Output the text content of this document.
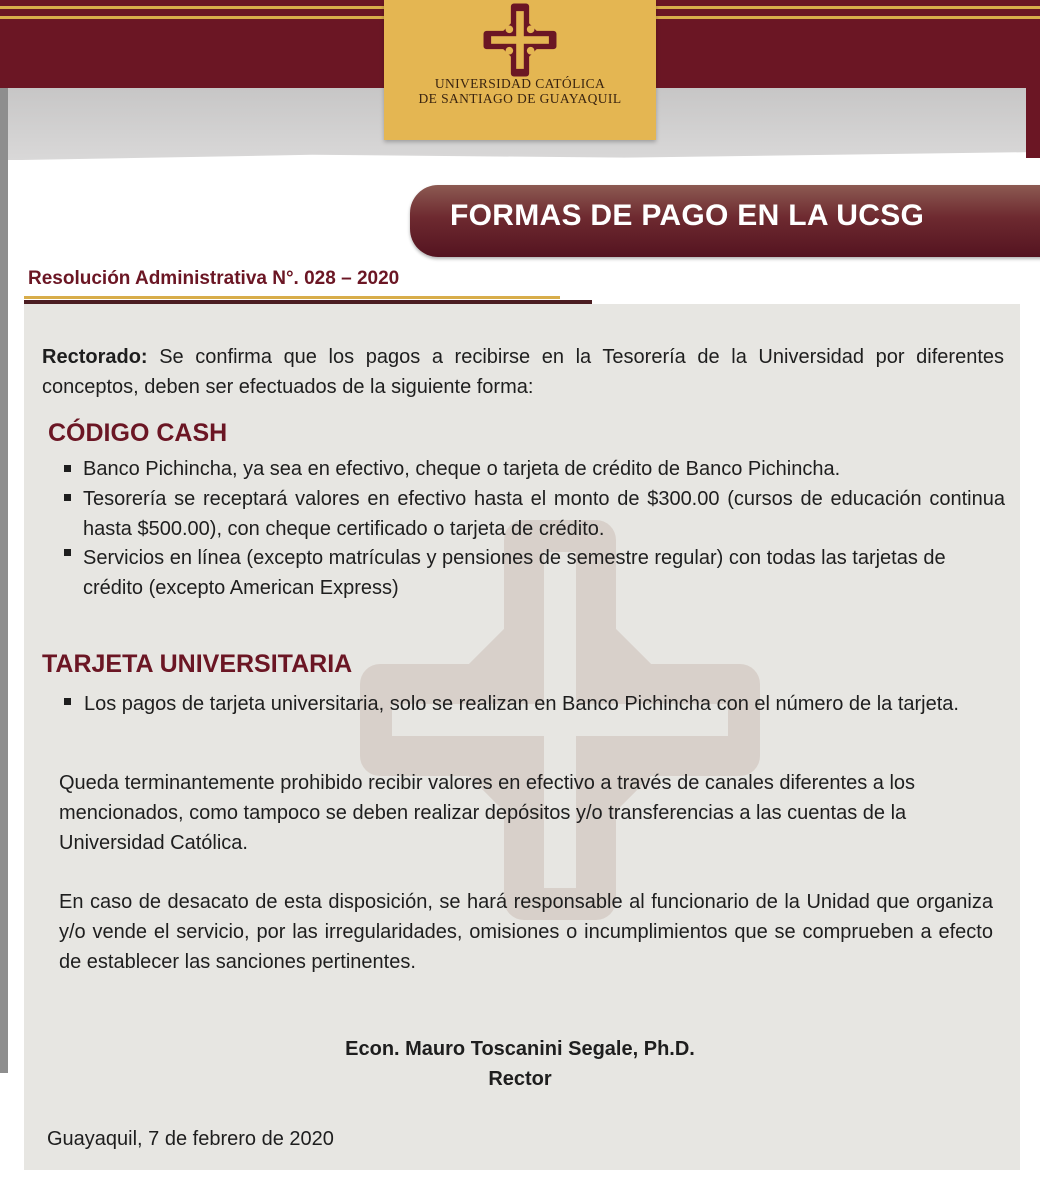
UNIVERSIDAD CATÓLICA
DE SANTIAGO DE GUAYAQUIL
FORMAS DE PAGO EN LA UCSG
Resolución Administrativa N°. 028 – 2020
Rectorado: Se confirma que los pagos a recibirse en la Tesorería de la Universidad por diferentes conceptos, deben ser efectuados de la siguiente forma:
CÓDIGO CASH
Banco Pichincha, ya sea en efectivo, cheque o tarjeta de crédito de Banco Pichincha.
Tesorería se receptará valores en efectivo hasta el monto de $300.00 (cursos de educación continua hasta $500.00), con cheque certificado o tarjeta de crédito.
Servicios en línea (excepto matrículas y pensiones de semestre regular) con todas las tarjetas de crédito (excepto American Express)
TARJETA UNIVERSITARIA
Los pagos de tarjeta universitaria, solo se realizan en Banco Pichincha con el número de la tarjeta.
Queda terminantemente prohibido recibir valores en efectivo a través de canales diferentes a los mencionados, como tampoco se deben realizar depósitos y/o transferencias a las cuentas de la Universidad Católica.
En caso de desacato de esta disposición, se hará responsable al funcionario de la Unidad que organiza y/o vende el servicio, por las irregularidades, omisiones o incumplimientos que se comprueben a efecto de establecer las sanciones pertinentes.
Econ. Mauro Toscanini Segale, Ph.D.
Rector
Guayaquil, 7 de febrero de 2020
